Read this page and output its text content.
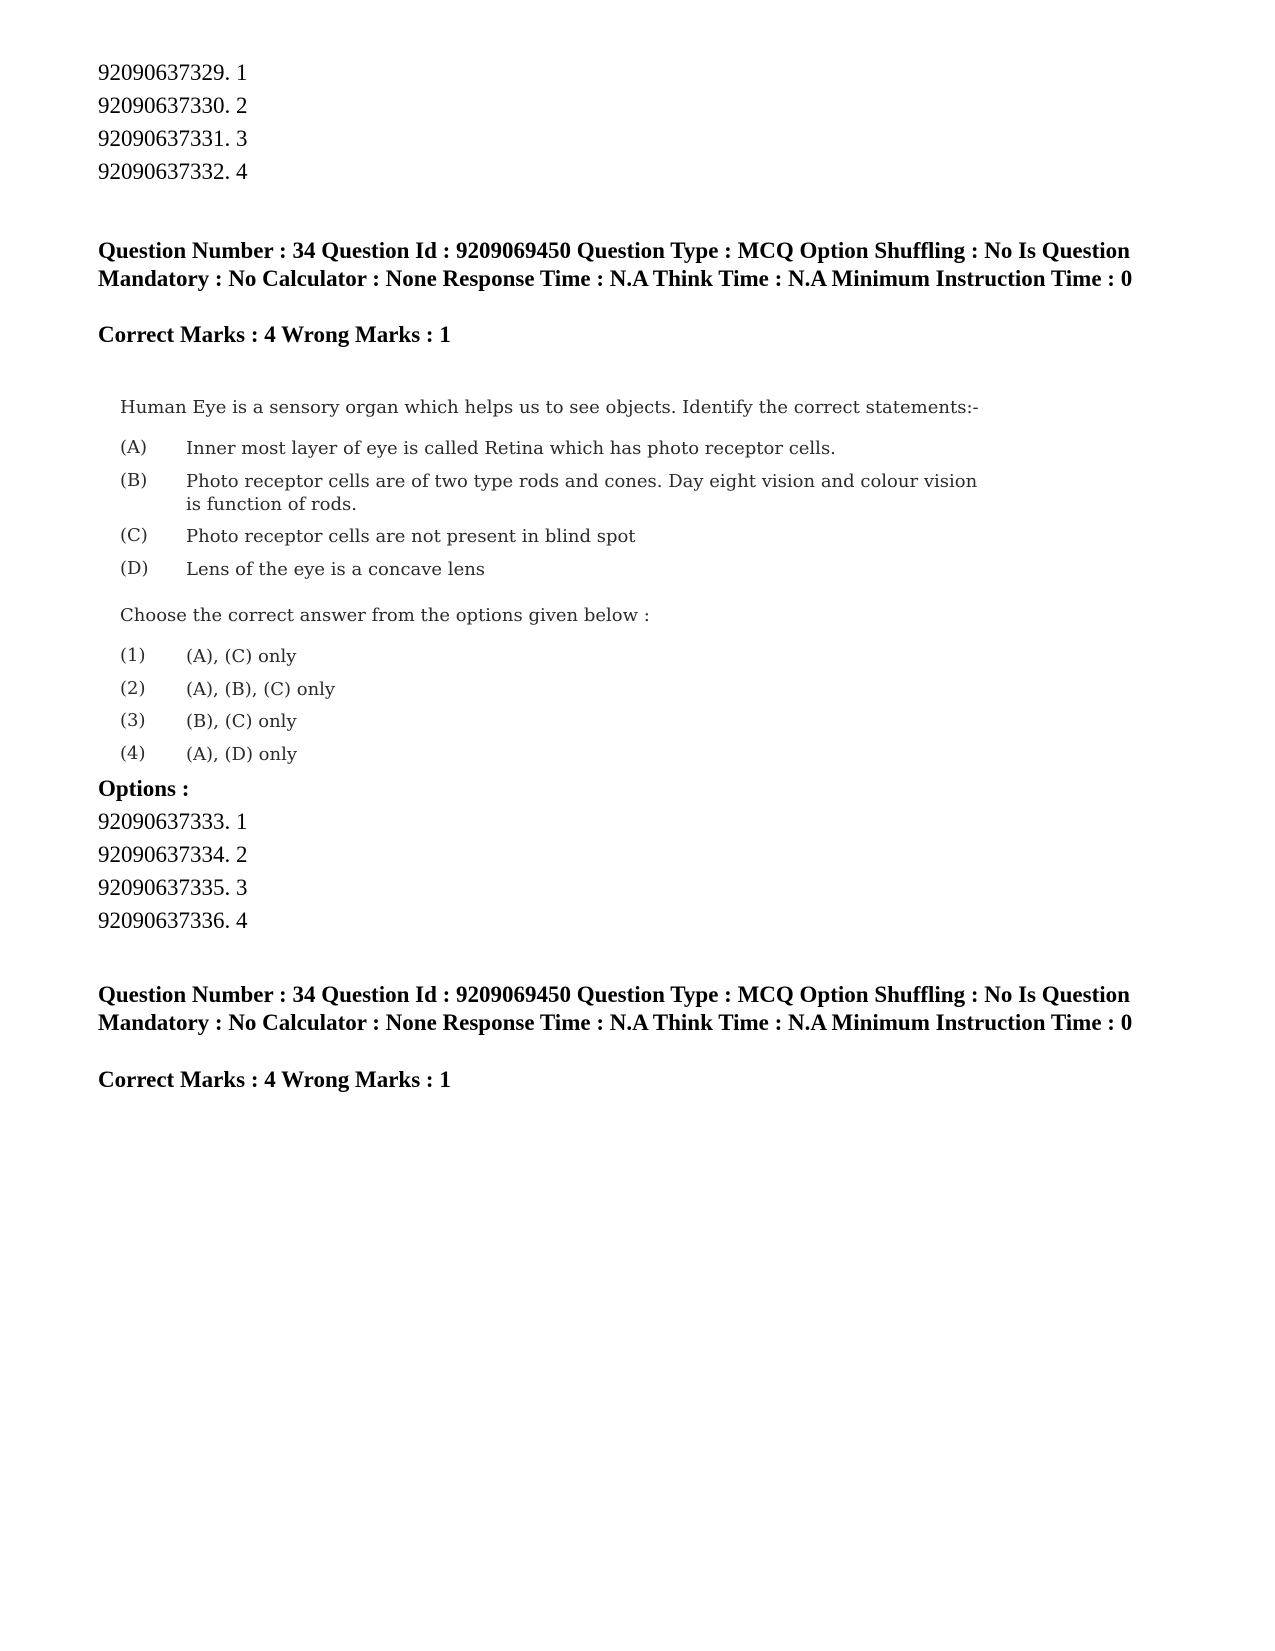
92090637329. 1
92090637330. 2
92090637331. 3
92090637332. 4

Question Number : 34 Question Id : 9209069450 Question Type : MCQ Option Shuffling : No Is Question Mandatory : No Calculator : None Response Time : N.A Think Time : N.A Minimum Instruction Time : 0

Correct Marks : 4 Wrong Marks : 1
Human Eye is a sensory organ which helps us to see objects. Identify the correct statements:-
(A)	Inner most layer of eye is called Retina which has photo receptor cells.
(B)	Photo receptor cells are of two type rods and cones. Day eight vision and colour vision is function of rods.
(C)	Photo receptor cells are not present in blind spot
(D)	Lens of the eye is a concave lens
Choose the correct answer from the options given below :
(1)	(A), (C) only
(2)	(A), (B), (C) only
(3)	(B), (C) only
(4)	(A), (D) only
Options :
92090637333. 1
92090637334. 2
92090637335. 3
92090637336. 4

Question Number : 34 Question Id : 9209069450 Question Type : MCQ Option Shuffling : No Is Question Mandatory : No Calculator : None Response Time : N.A Think Time : N.A Minimum Instruction Time : 0

Correct Marks : 4 Wrong Marks : 1
